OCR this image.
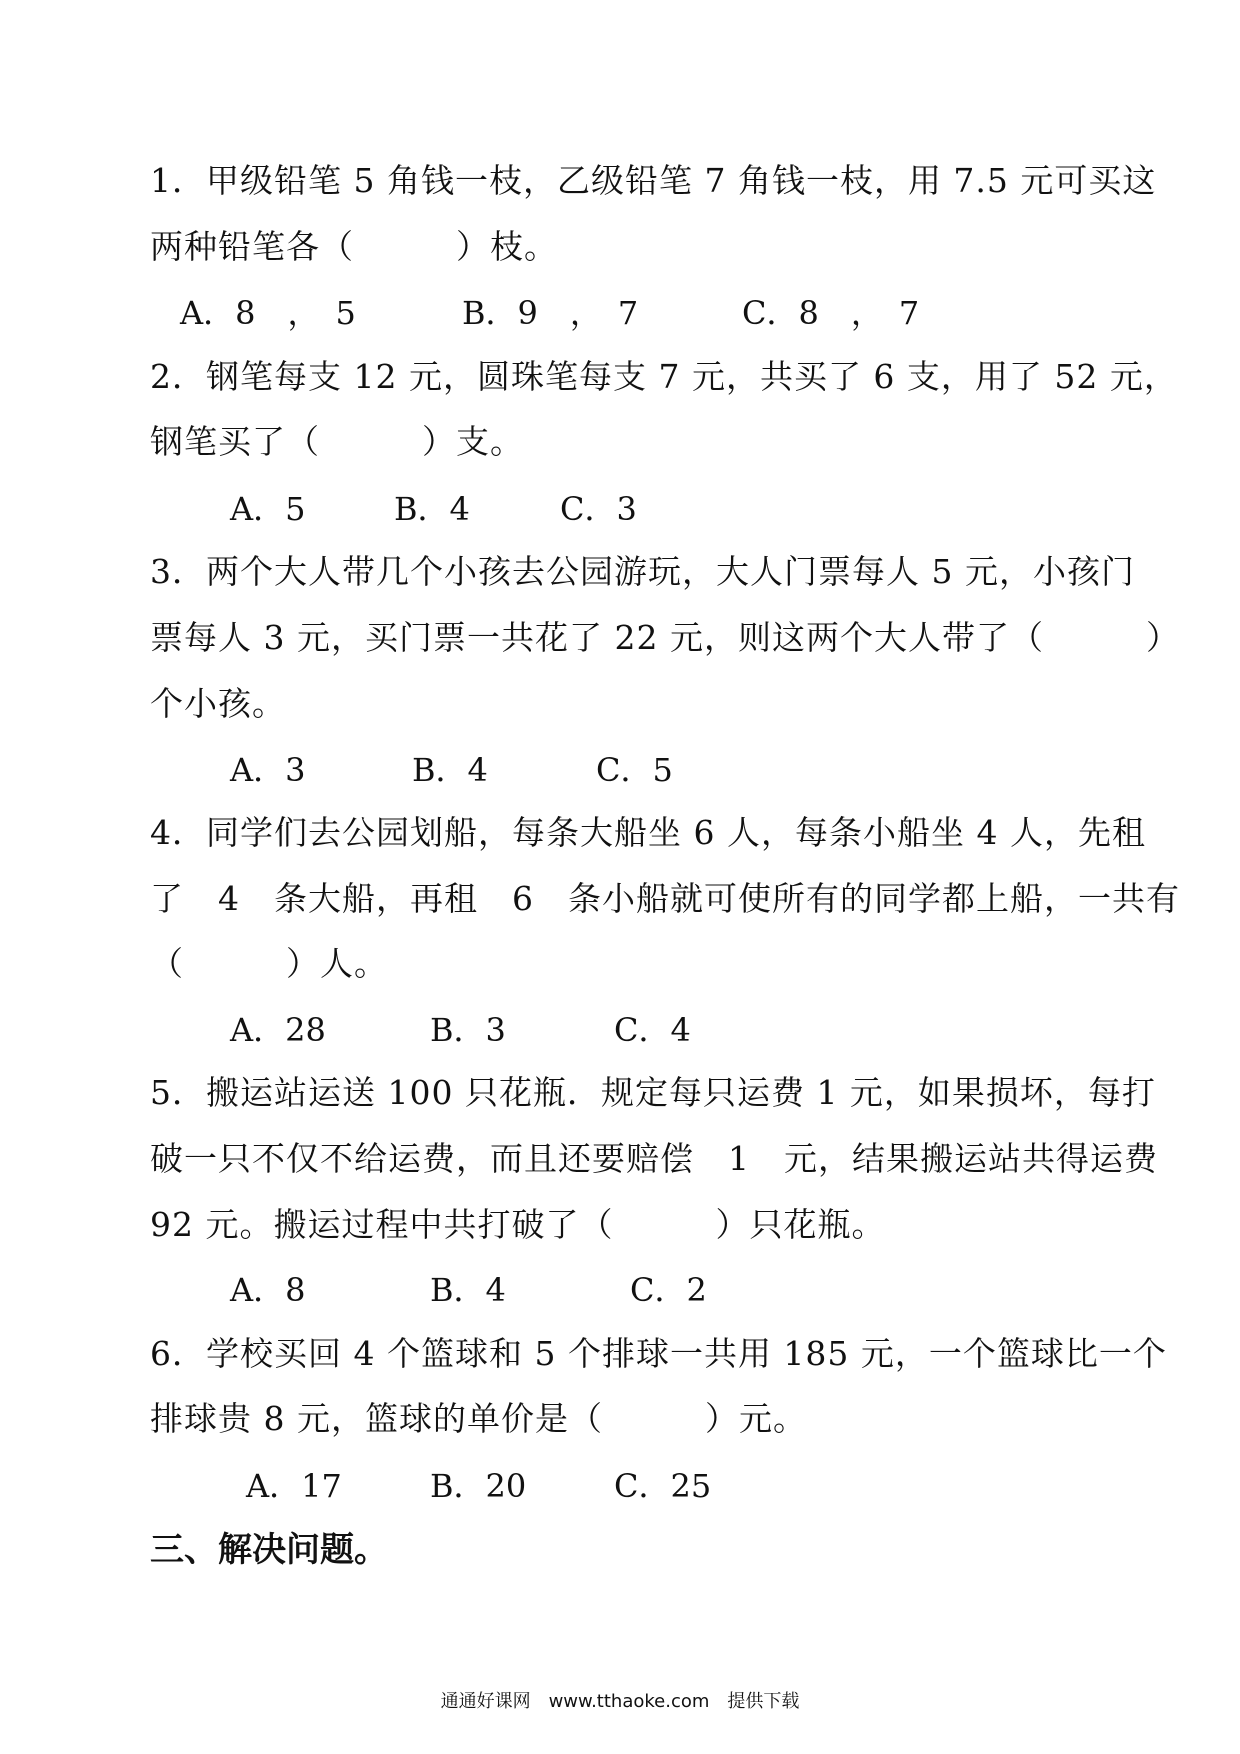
1．甲级铅笔 5 角钱一枝，乙级铅笔 7 角钱一枝，用 7.5 元可买这
两种铅笔各（　　　）枝。

A．8　，　5

	B．9　，　7

	C．8　，　7

2．钢笔每支 12 元，圆珠笔每支 7 元，共买了 6 支，用了 52 元，
钢笔买了（　　　）支。

A．5

	B．4

	C．3

3．两个大人带几个小孩去公园游玩，大人门票每人 5 元，小孩门
票每人 3 元，买门票一共花了 22 元，则这两个大人带了（　　　）
个小孩。

A．3

	B．4

	C．5

4．同学们去公园划船，每条大船坐 6 人，每条小船坐 4 人，先租
了　4　条大船，再租　6　条小船就可使所有的同学都上船，一共有
（　　　）人。

A．28

	B．3

	C．4

5．搬运站运送 100 只花瓶．规定每只运费 1 元，如果损坏，每打
破一只不仅不给运费，而且还要赔偿　1　元，结果搬运站共得运费
92 元。搬运过程中共打破了（　　　）只花瓶。

A．8

	B．4

	C．2

6．学校买回 4 个篮球和 5 个排球一共用 185 元，一个篮球比一个
排球贵 8 元，篮球的单价是（　　　）元。

A．17

	B．20

	C．25

三、解决问题。
通通好课网　www.tthaoke.com　提供下载
